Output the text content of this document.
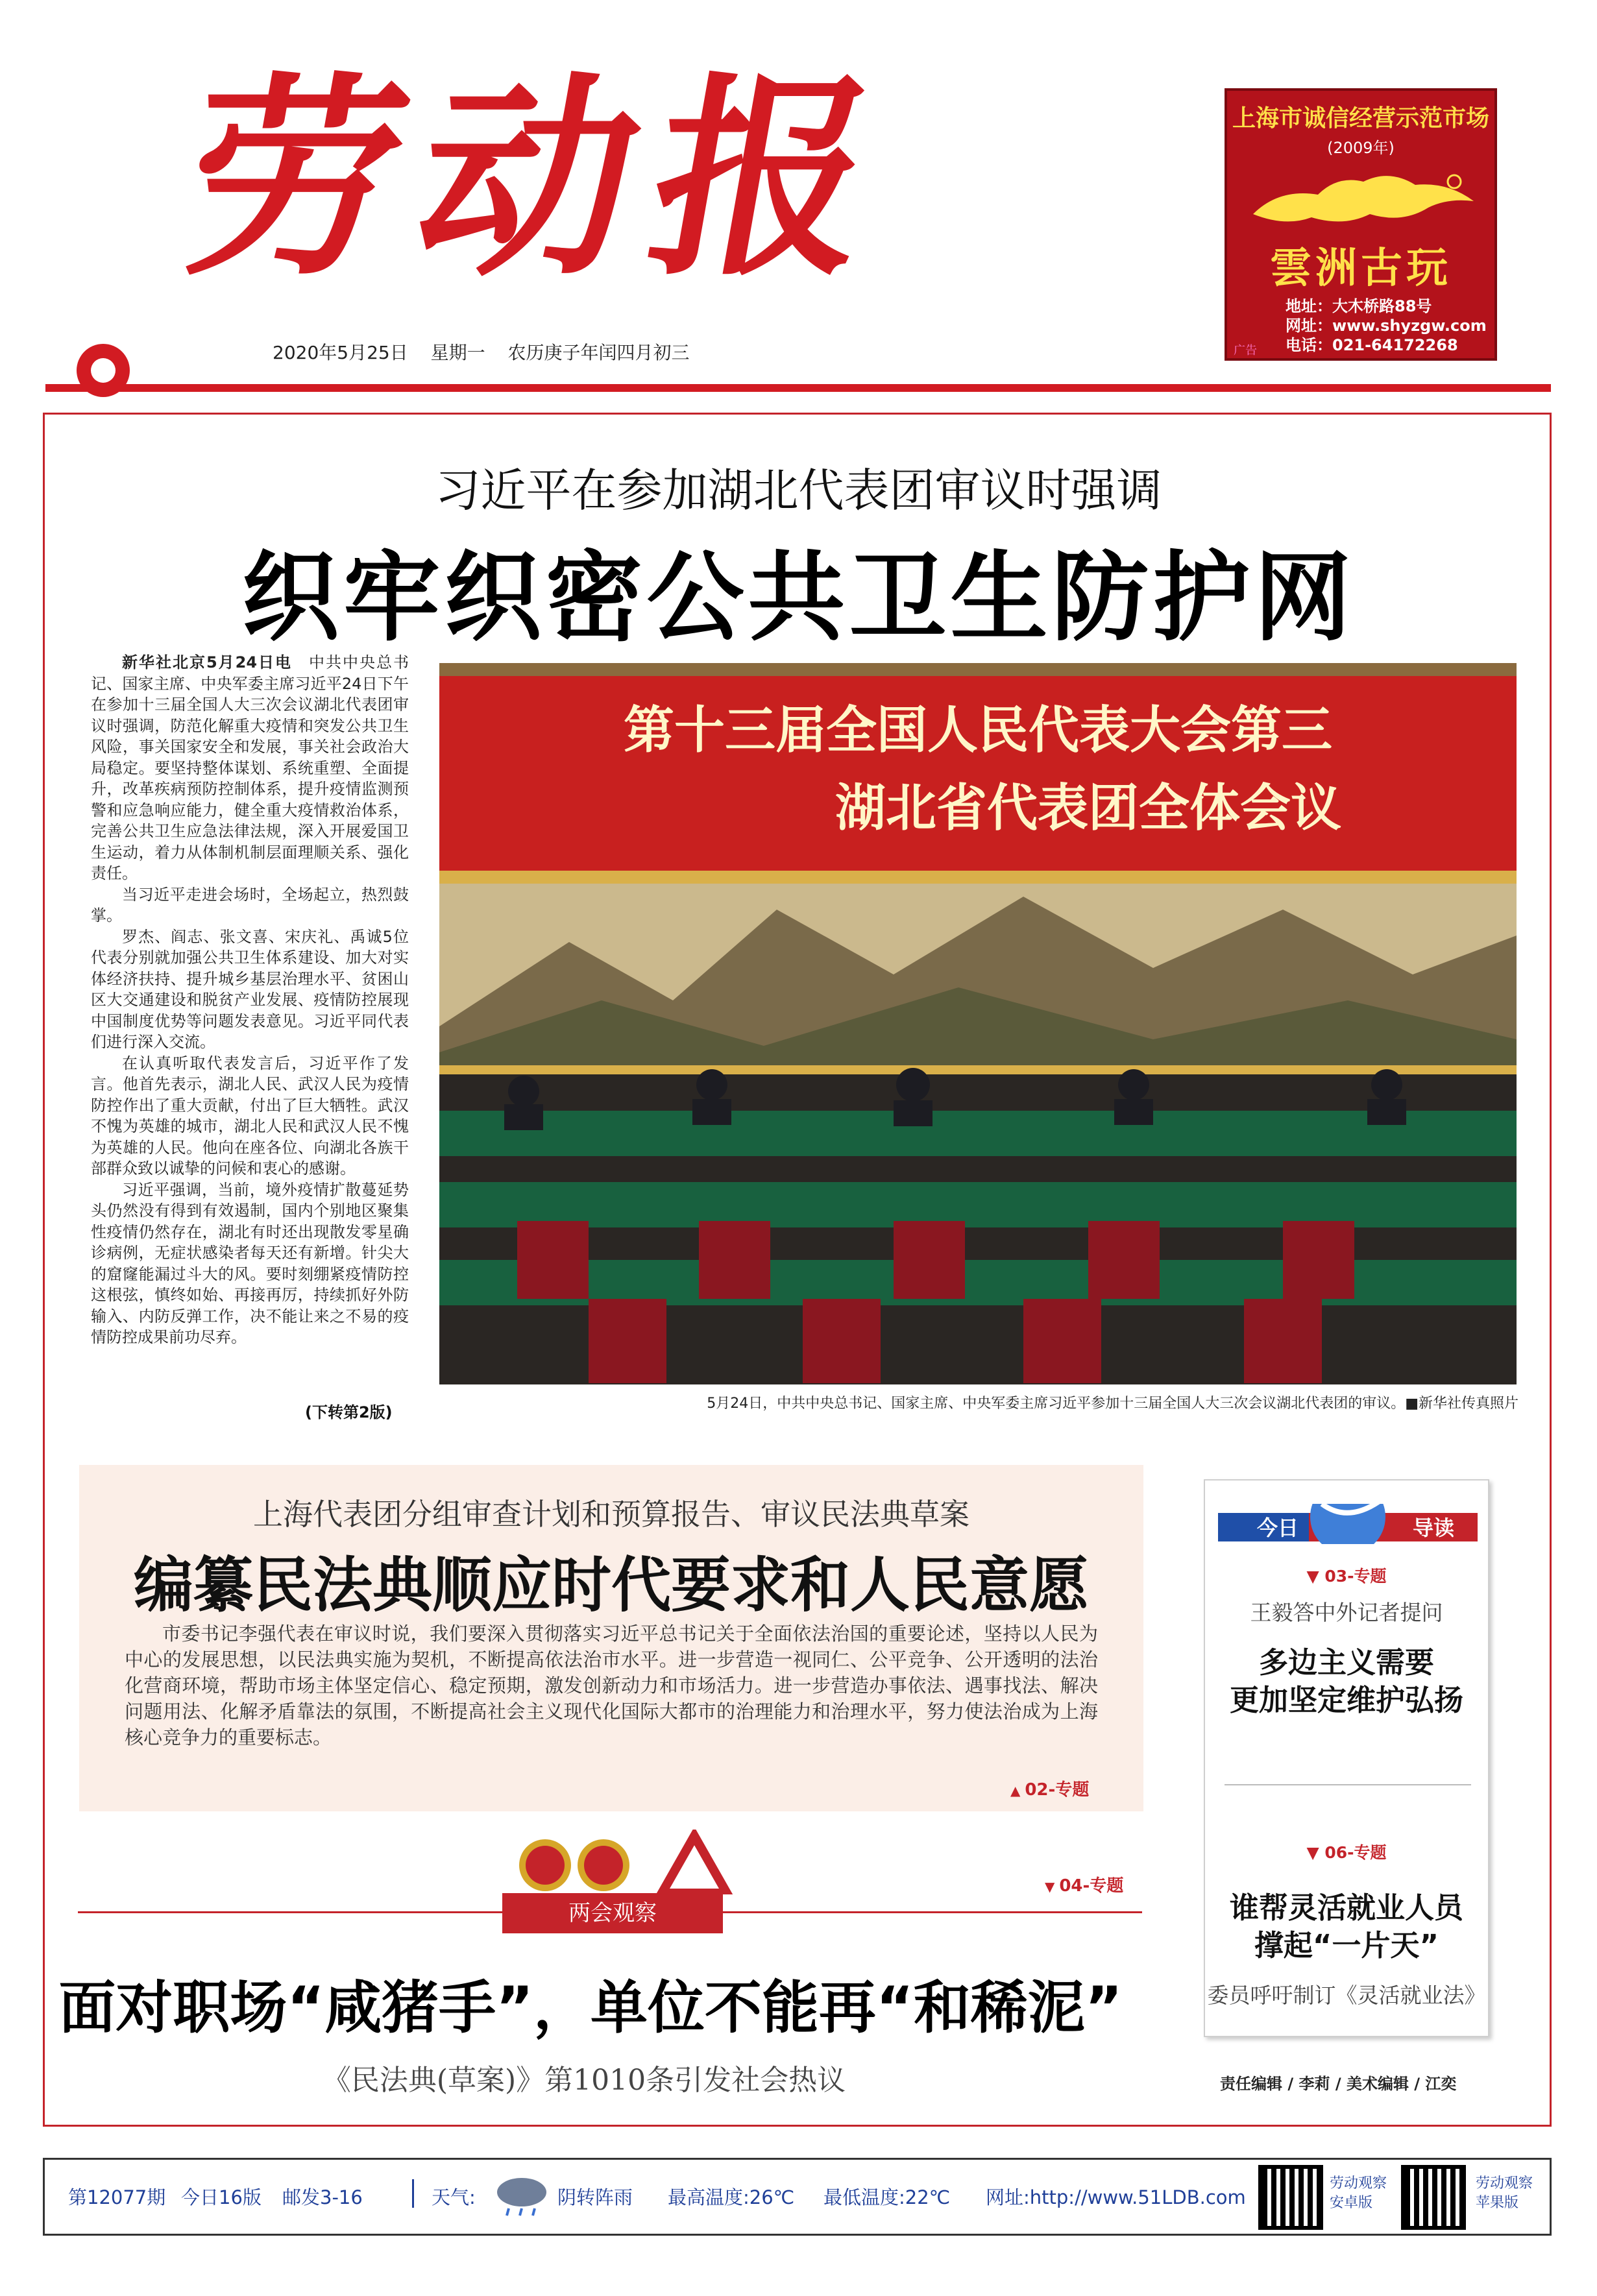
劳动报
2020年5月25日 星期一 农历庚子年闰四月初三
上海市诚信经营示范市场
(2009年)
雲洲古玩
地址：大木桥路88号
网址：www.shyzgw.com
电话：021-64172268
广告
习近平在参加湖北代表团审议时强调
织牢织密公共卫生防护网

新华社北京5月24日电　 中共中央总书记、国家主席、中央军委主席习近平24日下午在参加十三届全国人大三次会议湖北代表团审议时强调，防范化解重大疫情和突发公共卫生风险，事关国家安全和发展，事关社会政治大局稳定。要坚持整体谋划、系统重塑、全面提升，改革疾病预防控制体系，提升疫情监测预警和应急响应能力，健全重大疫情救治体系，完善公共卫生应急法律法规，深入开展爱国卫生运动，着力从体制机制层面理顺关系、强化责任。

当习近平走进会场时，全场起立，热烈鼓掌。

罗杰、阎志、张文喜、宋庆礼、禹诚5位代表分别就加强公共卫生体系建设、加大对实体经济扶持、提升城乡基层治理水平、贫困山区大交通建设和脱贫产业发展、疫情防控展现中国制度优势等问题发表意见。习近平同代表们进行深入交流。

在认真听取代表发言后，习近平作了发言。他首先表示，湖北人民、武汉人民为疫情防控作出了重大贡献，付出了巨大牺牲。武汉不愧为英雄的城市，湖北人民和武汉人民不愧为英雄的人民。他向在座各位、向湖北各族干部群众致以诚挚的问候和衷心的感谢。

习近平强调，当前，境外疫情扩散蔓延势头仍然没有得到有效遏制，国内个别地区聚集性疫情仍然存在，湖北有时还出现散发零星确诊病例，无症状感染者每天还有新增。针尖大的窟窿能漏过斗大的风。要时刻绷紧疫情防控这根弦，慎终如始、再接再厉，持续抓好外防输入、内防反弹工作，决不能让来之不易的疫情防控成果前功尽弃。

(下转第2版)
第十三届全国人民代表大会第三
湖北省代表团全体会议
5月24日，中共中央总书记、国家主席、中央军委主席习近平参加十三届全国人大三次会议湖北代表团的审议。■新华社传真照片
上海代表团分组审查计划和预算报告、审议民法典草案
编纂民法典顺应时代要求和人民意愿
市委书记李强代表在审议时说，我们要深入贯彻落实习近平总书记关于全面依法治国的重要论述，坚持以人民为中心的发展思想，以民法典实施为契机，不断提高依法治市水平。进一步营造一视同仁、公平竞争、公开透明的法治化营商环境，帮助市场主体坚定信心、稳定预期，激发创新动力和市场活力。进一步营造办事依法、遇事找法、解决问题用法、化解矛盾靠法的氛围，不断提高社会主义现代化国际大都市的治理能力和治理水平，努力使法治成为上海核心竞争力的重要标志。
▲ 02-专题
今日	导读
▼ 03-专题
王毅答中外记者提问
多边主义需要
更加坚定维护弘扬
▼ 06-专题
谁帮灵活就业人员
撑起“一片天”
委员呼吁制订《灵活就业法》
责任编辑 / 李莉 / 美术编辑 / 江奕
两会观察
▼ 04-专题
面对职场“咸猪手”，单位不能再“和稀泥”
《民法典(草案)》第1010条引发社会热议
第12077期 今日16版 邮发3-16	天气:	阴转阵雨 最高温度:26℃ 最低温度:22℃ 网址:http://www.51LDB.com
劳动观察
安卓版
劳动观察
苹果版
